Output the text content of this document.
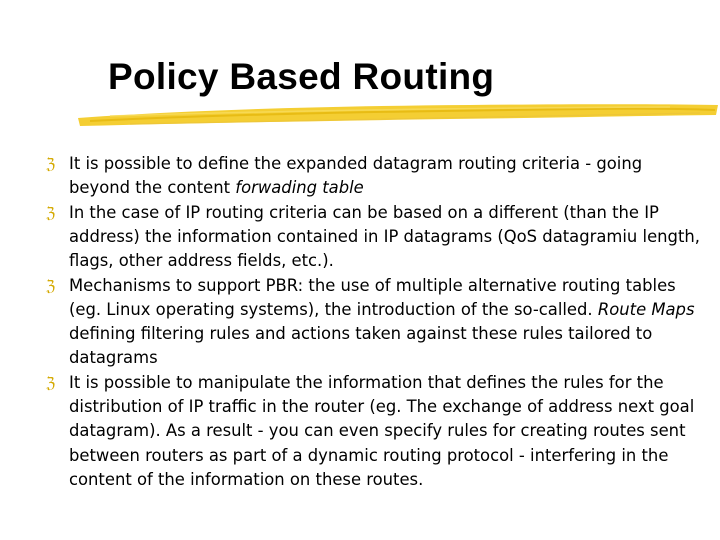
Policy Based Routing
ℨ It is possible to define the expanded datagram routing criteria - going beyond the content forwading table
ℨ In the case of IP routing criteria can be based on a different (than the IP address) the information contained in IP datagrams (QoS datagramiu length, flags, other address fields, etc.).
ℨ Mechanisms to support PBR: the use of multiple alternative routing tables (eg. Linux operating systems), the introduction of the so-called. Route Maps defining filtering rules and actions taken against these rules tailored to datagrams
ℨ It is possible to manipulate the information that defines the rules for the distribution of IP traffic in the router (eg. The exchange of address next goal datagram). As a result - you can even specify rules for creating routes sent between routers as part of a dynamic routing protocol - interfering in the content of the information on these routes.
